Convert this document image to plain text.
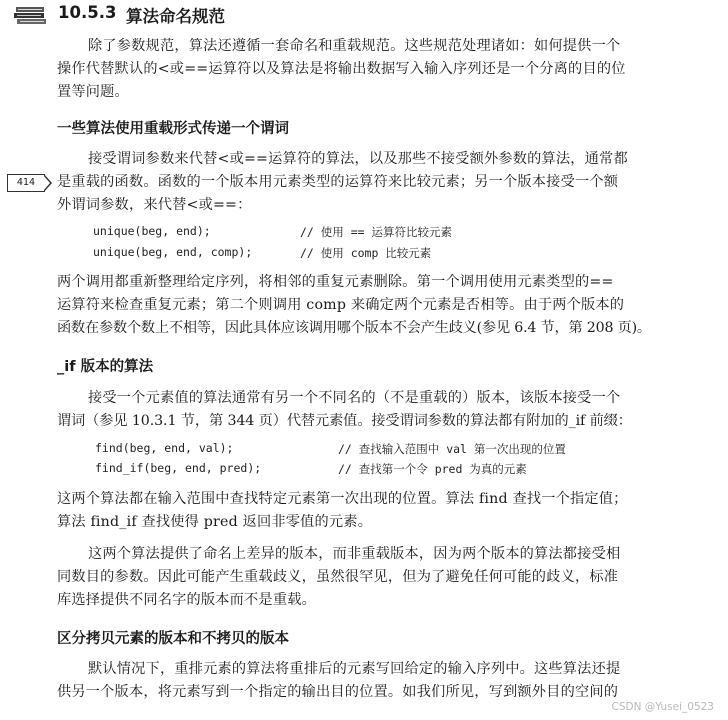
10.5.3 算法命名规范
除了参数规范，算法还遵循一套命名和重载规范。这些规范处理诸如：如何提供一个
操作代替默认的<或==运算符以及算法是将输出数据写入输入序列还是一个分离的目的位
置等问题。
一些算法使用重载形式传递一个谓词
接受谓词参数来代替<或==运算符的算法，以及那些不接受额外参数的算法，通常都
414	是重载的函数。函数的一个版本用元素类型的运算符来比较元素；另一个版本接受一个额
外谓词参数，来代替<或==：
unique(beg, end);	// 使用 == 运算符比较元素
unique(beg, end, comp);	// 使用 comp 比较元素
两个调用都重新整理给定序列，将相邻的重复元素删除。第一个调用使用元素类型的==
运算符来检查重复元素；第二个则调用 comp 来确定两个元素是否相等。由于两个版本的
函数在参数个数上不相等，因此具体应该调用哪个版本不会产生歧义(参见 6.4 节，第 208 页)。
_if 版本的算法
接受一个元素值的算法通常有另一个不同名的（不是重载的）版本，该版本接受一个
谓词（参见 10.3.1 节，第 344 页）代替元素值。接受谓词参数的算法都有附加的_if 前缀：
find(beg, end, val);	// 查找输入范围中 val 第一次出现的位置
find_if(beg, end, pred);	// 查找第一个令 pred 为真的元素
这两个算法都在输入范围中查找特定元素第一次出现的位置。算法 find 查找一个指定值；
算法 find_if 查找使得 pred 返回非零值的元素。
这两个算法提供了命名上差异的版本，而非重载版本，因为两个版本的算法都接受相
同数目的参数。因此可能产生重载歧义，虽然很罕见，但为了避免任何可能的歧义，标准
库选择提供不同名字的版本而不是重载。
区分拷贝元素的版本和不拷贝的版本
默认情况下，重排元素的算法将重排后的元素写回给定的输入序列中。这些算法还提
供另一个版本，将元素写到一个指定的输出目的位置。如我们所见，写到额外目的空间的
CSDN @Yusei_0523
